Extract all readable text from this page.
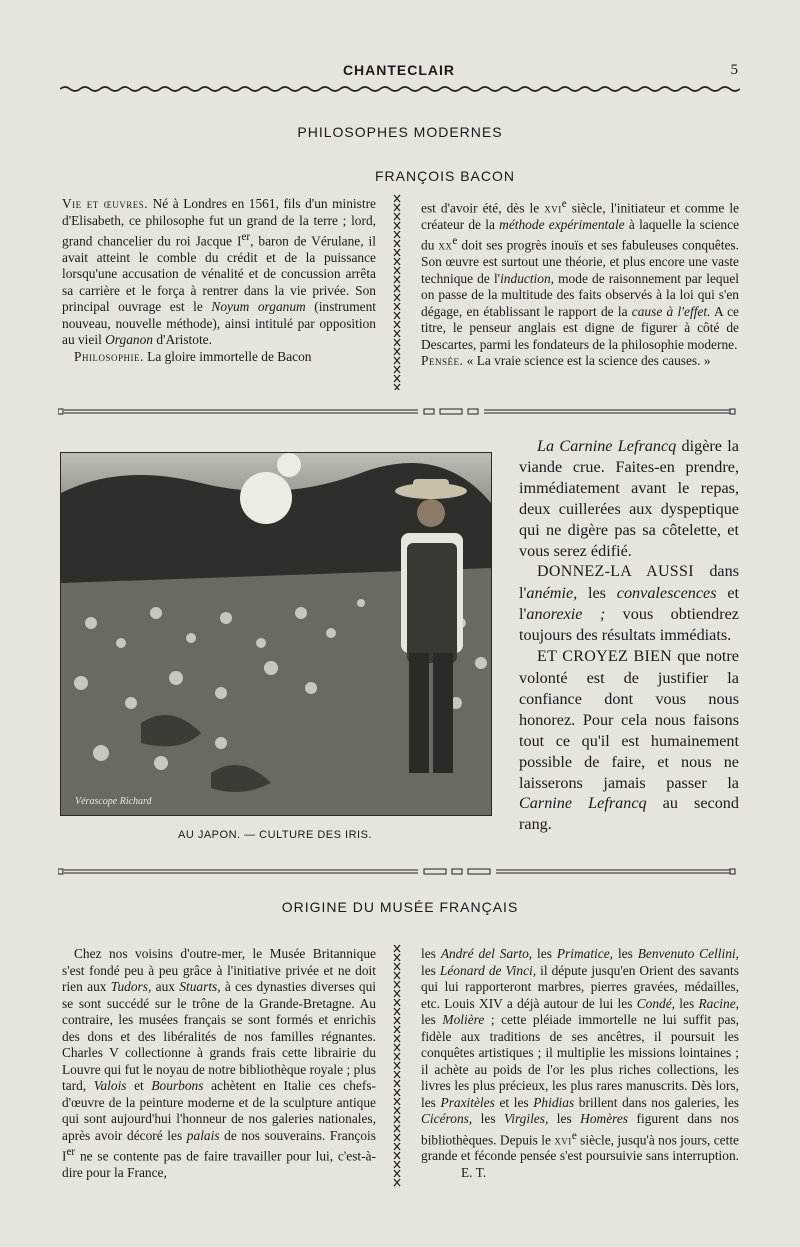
CHANTECLAIR	5
PHILOSOPHES MODERNES
FRANÇOIS BACON

Vie et œuvres. Né à Londres en 1561, fils d'un ministre d'Elisabeth, ce philosophe fut un grand de la terre ; lord, grand chancelier du roi Jacque Ier, baron de Vérulane, il avait atteint le comble du crédit et de la puissance lorsqu'une accusation de vénalité et de concussion arrêta sa carrière et le força à rentrer dans la vie privée. Son principal ouvrage est le Noyum organum (instrument nouveau, nouvelle méthode), ainsi intitulé par opposition au vieil Organon d'Aristote.

Philosophie. La gloire immortelle de Bacon

est d'avoir été, dès le xvi$^e$ siècle, l'initiateur et comme le créateur de la méthode expérimentale à laquelle la science du $xx^e$ doit ses progrès inouïs et ses fabuleuses conquêtes. Son œuvre est surtout une théorie, et plus encore une vaste technique de l'induction, mode de raisonnement par lequel on passe de la multitude des faits observés à la loi qui s'en dégage, en établissant le rapport de la cause à l'effet. A ce titre, le penseur anglais est digne de figurer à côté de Descartes, parmi les fondateurs de la philosophie moderne.

Pensée. « La vraie science est la science des causes. »

Vérascope Richard
AU JAPON. — CULTURE DES IRIS.

La Carnine Lefrancq digère la viande crue. Faites-en prendre, immédiatement avant le repas, deux cuillerées aux dyspeptique qui ne digère pas sa côtelette, et vous serez édifié.

DONNEZ-LA AUSSI dans l'anémie, les convalescences et l'anorexie ; vous obtiendrez toujours des résultats immédiats.

ET CROYEZ BIEN que notre volonté est de justifier la confiance dont vous nous honorez. Pour cela nous faisons tout ce qu'il est humainement possible de faire, et nous ne laisserons jamais passer la Carnine Lefrancq au second rang.

ORIGINE DU MUSÉE FRANÇAIS

Chez nos voisins d'outre-mer, le Musée Britannique s'est fondé peu à peu grâce à l'initiative privée et ne doit rien aux Tudors, aux Stuarts, à ces dynasties diverses qui se sont succédé sur le trône de la Grande-Bretagne. Au contraire, les musées français se sont formés et enrichis des dons et des libéralités de nos familles régnantes. Charles V collectionne à grands frais cette librairie du Louvre qui fut le noyau de notre bibliothèque royale ; plus tard, Valois et Bourbons achètent en Italie ces chefs-d'œuvre de la peinture moderne et de la sculpture antique qui sont aujourd'hui l'honneur de nos galeries nationales, après avoir décoré les palais de nos souverains. François Ier ne se contente pas de faire travailler pour lui, c'est-à-dire pour la France,

les André del Sarto, les Primatice, les Benvenuto Cellini, les Léonard de Vinci, il députe jusqu'en Orient des savants qui lui rapporteront marbres, pierres gravées, médailles, etc. Louis XIV a déjà autour de lui les Condé, les Racine, les Molière ; cette pléiade immortelle ne lui suffit pas, fidèle aux traditions de ses ancêtres, il poursuit les conquêtes artistiques ; il multiplie les missions lointaines ; il achète au poids de l'or les plus riches collections, les livres les plus précieux, les plus rares manuscrits. Dès lors, les Praxitèles et les Phidias brillent dans nos galeries, les Cicérons, les Virgiles, les Homères figurent dans nos bibliothèques. Depuis le xvi$^e$ siècle, jusqu'à nos jours, cette grande et féconde pensée s'est poursuivie sans interruption.E. T.
